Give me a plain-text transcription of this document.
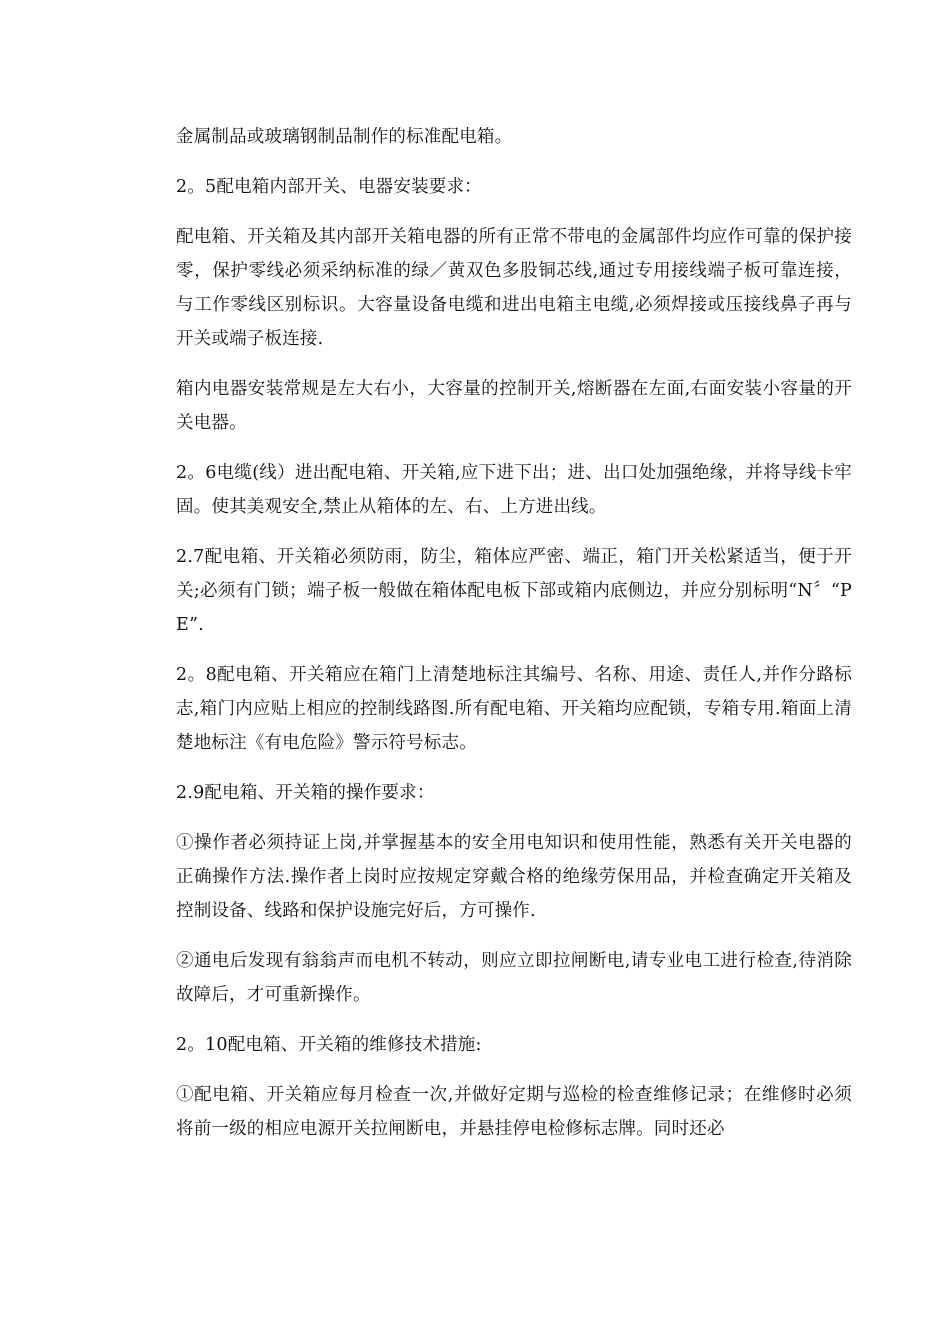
金属制品或玻璃钢制品制作的标准配电箱。

2。5配电箱内部开关、电器安装要求：

配电箱、开关箱及其内部开关箱电器的所有正常不带电的金属部件均应作可靠的保护接零，保护零线必须采纳标准的绿／黄双色多股铜芯线,通过专用接线端子板可靠连接，与工作零线区别标识。大容量设备电缆和进出电箱主电缆,必须焊接或压接线鼻子再与开关或端子板连接.

箱内电器安装常规是左大右小，大容量的控制开关,熔断器在左面,右面安装小容量的开关电器。

2。6电缆(线）进出配电箱、开关箱,应下进下出；进、出口处加强绝缘，并将导线卡牢固。使其美观安全,禁止从箱体的左、右、上方进出线。

2.7配电箱、开关箱必须防雨，防尘，箱体应严密、端正，箱门开关松紧适当，便于开关;必须有门锁；端子板一般做在箱体配电板下部或箱内底侧边，并应分别标明“N〞“PE”.

2。8配电箱、开关箱应在箱门上清楚地标注其编号、名称、用途、责任人,并作分路标志,箱门内应贴上相应的控制线路图.所有配电箱、开关箱均应配锁，专箱专用.箱面上清楚地标注《有电危险》警示符号标志。

2.9配电箱、开关箱的操作要求：

①操作者必须持证上岗,并掌握基本的安全用电知识和使用性能，熟悉有关开关电器的正确操作方法.操作者上岗时应按规定穿戴合格的绝缘劳保用品，并检查确定开关箱及控制设备、线路和保护设施完好后，方可操作.

②通电后发现有翁翁声而电机不转动，则应立即拉闸断电,请专业电工进行检查,待消除故障后，才可重新操作。

2。10配电箱、开关箱的维修技术措施:

①配电箱、开关箱应每月检查一次,并做好定期与巡检的检查维修记录；在维修时必须将前一级的相应电源开关拉闸断电，并悬挂停电检修标志牌。同时还必
